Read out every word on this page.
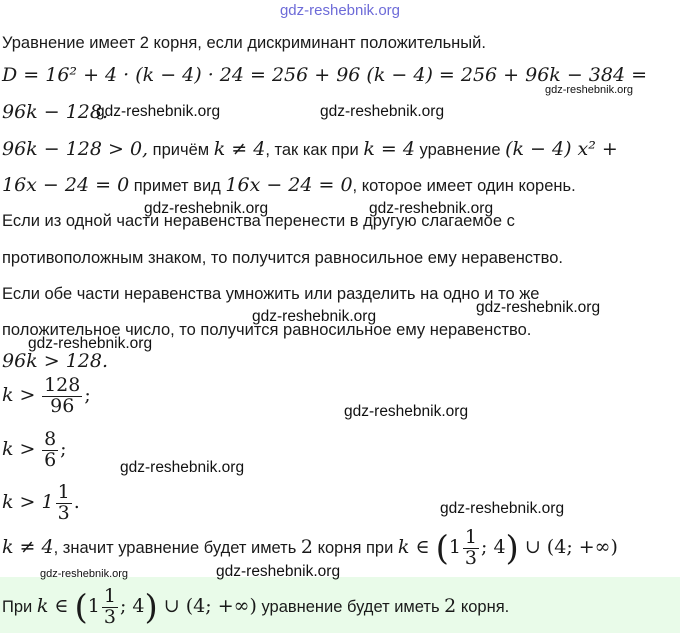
gdz-reshebnik.org
Уравнение имеет 2 корня, если дискриминант положительный.
D = 16² + 4 · (k − 4) · 24 = 256 + 96 (k − 4) = 256 + 96k − 384 =
96k − 128.
96k − 128 > 0, причём k ≠ 4, так как при k = 4 уравнение (k − 4) x² +
16x − 24 = 0 примет вид 16x − 24 = 0, которое имеет один корень.
Если из одной части неравенства перенести в другую слагаемое с
противоположным знаком, то получится равносильное ему неравенство.
Если обе части неравенства умножить или разделить на одно и то же
положительное число, то получится равносильное ему неравенство.
96k > 128.
$k > \frac{128}{96}$ ;
$k > \frac{8}{6}$ ;
$k > 1 \frac{1}{3}$ .
k ≠ 4, значит уравнение будет иметь 2 корня при k ∈ ($1 \frac{1}{3}$ ; 4) ∪ (4; +∞)
При k ∈ ($1 \frac{1}{3}$ ; 4) ∪ (4; +∞) уравнение будет иметь 2 корня.
gdz-reshebnik.org	gdz-reshebnik.org
gdz-reshebnik.org
gdz-reshebnik.org	gdz-reshebnik.org
gdz-reshebnik.org
gdz-reshebnik.org
gdz-reshebnik.org
gdz-reshebnik.org
gdz-reshebnik.org
gdz-reshebnik.org
gdz-reshebnik.org	gdz-reshebnik.org
